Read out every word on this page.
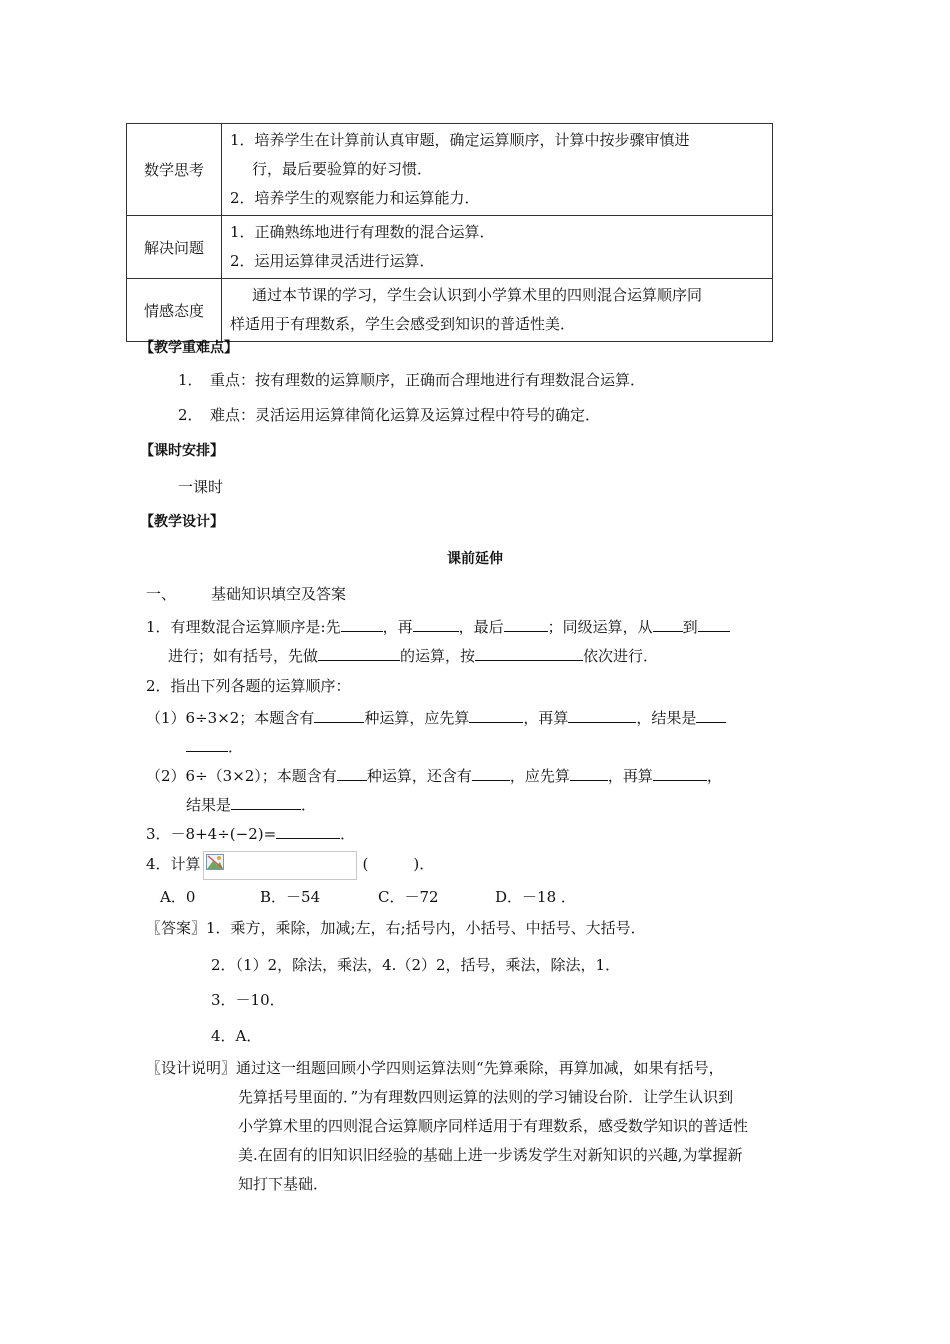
数学思考	1．培养学生在计算前认真审题，确定运算顺序，计算中按步骤审慎进
行，最后要验算的好习惯．
2．培养学生的观察能力和运算能力．

解决问题	1．正确熟练地进行有理数的混合运算．
2．运用运算律灵活进行运算．

情感态度	通过本节课的学习，学生会认识到小学算术里的四则混合运算顺序同
样适用于有理数系，学生会感受到知识的普适性美．
【教学重难点】
1．　重点：按有理数的运算顺序，正确而合理地进行有理数混合运算．
2．　难点：灵活运用运算律简化运算及运算过程中符号的确定．
【课时安排】
一课时
【教学设计】
课前延伸
一、 基础知识填空及答案
1．有理数混合运算顺序是:先	，再	，最后	；同级运算，从 到
进行；如有括号，先做	的运算，按	依次进行．
2．指出下列各题的运算顺序：
（1）6÷3×2；本题含有	种运算，应先算	，再算	，结果是
．
（2）6÷（3×2）；本题含有 种运算，还含有	，应先算	，再算	，
结果是	．
3．－8+4÷(−2)=	．
4．计算	(　　　)．
A．0	B．－54	C．－72	D．－18 ．
〖答案〗1．乘方，乘除，加减;左，右;括号内，小括号、中括号、大括号．
2．（1）2，除法，乘法，4.（2）2，括号，乘法，除法，1．
3．－10．
4．A．
〖设计说明〗通过这一组题回顾小学四则运算法则“先算乘除，再算加减，如果有括号，
先算括号里面的．”为有理数四则运算的法则的学习铺设台阶．让学生认识到
小学算术里的四则混合运算顺序同样适用于有理数系，感受数学知识的普适性
美.在固有的旧知识旧经验的基础上进一步诱发学生对新知识的兴趣,为掌握新
知打下基础．
